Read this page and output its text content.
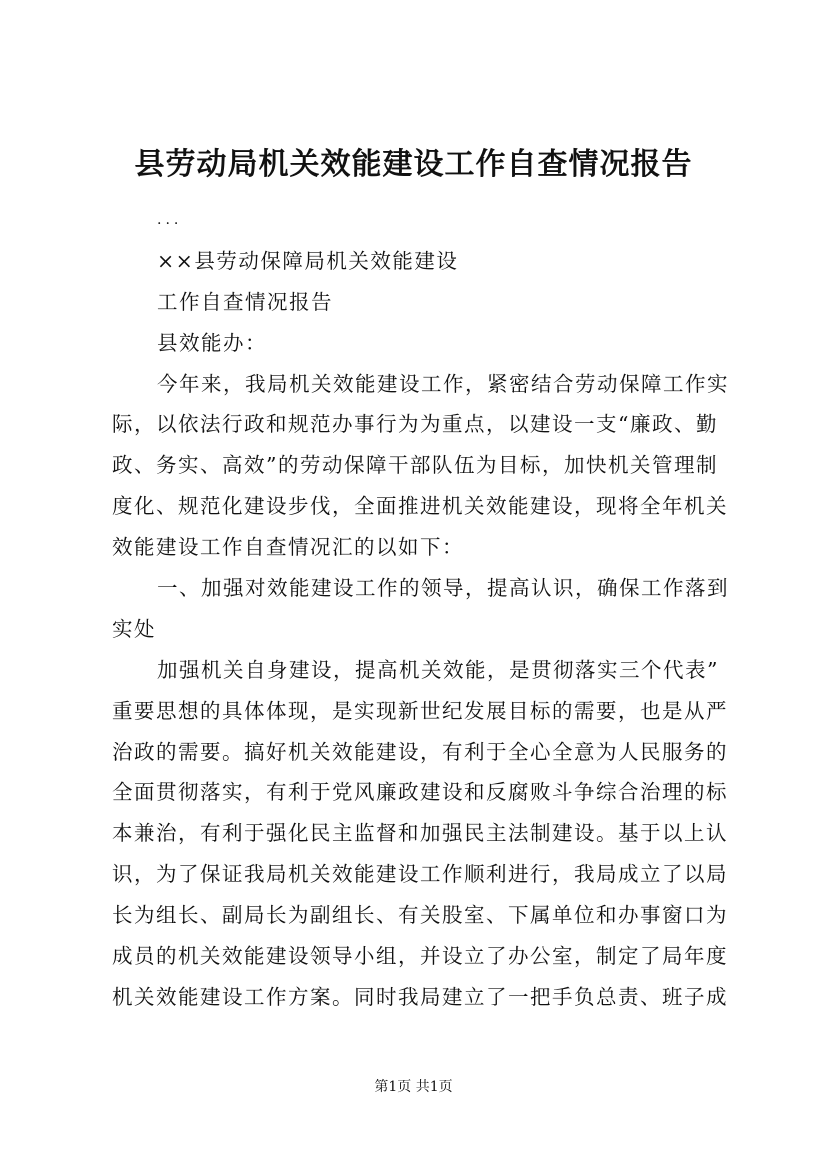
县劳动局机关效能建设工作自查情况报告
...
××县劳动保障局机关效能建设
工作自查情况报告
县效能办：
今年来，我局机关效能建设工作，紧密结合劳动保障工作实
际，以依法行政和规范办事行为为重点，以建设一支“廉政、勤
政、务实、高效”的劳动保障干部队伍为目标，加快机关管理制
度化、规范化建设步伐，全面推进机关效能建设，现将全年机关
效能建设工作自查情况汇的以如下：
一、加强对效能建设工作的领导，提高认识，确保工作落到
实处
加强机关自身建设，提高机关效能，是贯彻落实三个代表”
重要思想的具体体现，是实现新世纪发展目标的需要，也是从严
治政的需要。搞好机关效能建设，有利于全心全意为人民服务的
全面贯彻落实，有利于党风廉政建设和反腐败斗争综合治理的标
本兼治，有利于强化民主监督和加强民主法制建设。基于以上认
识，为了保证我局机关效能建设工作顺利进行，我局成立了以局
长为组长、副局长为副组长、有关股室、下属单位和办事窗口为
成员的机关效能建设领导小组，并设立了办公室，制定了局年度
机关效能建设工作方案。同时我局建立了一把手负总责、班子成
第1页 共1页
